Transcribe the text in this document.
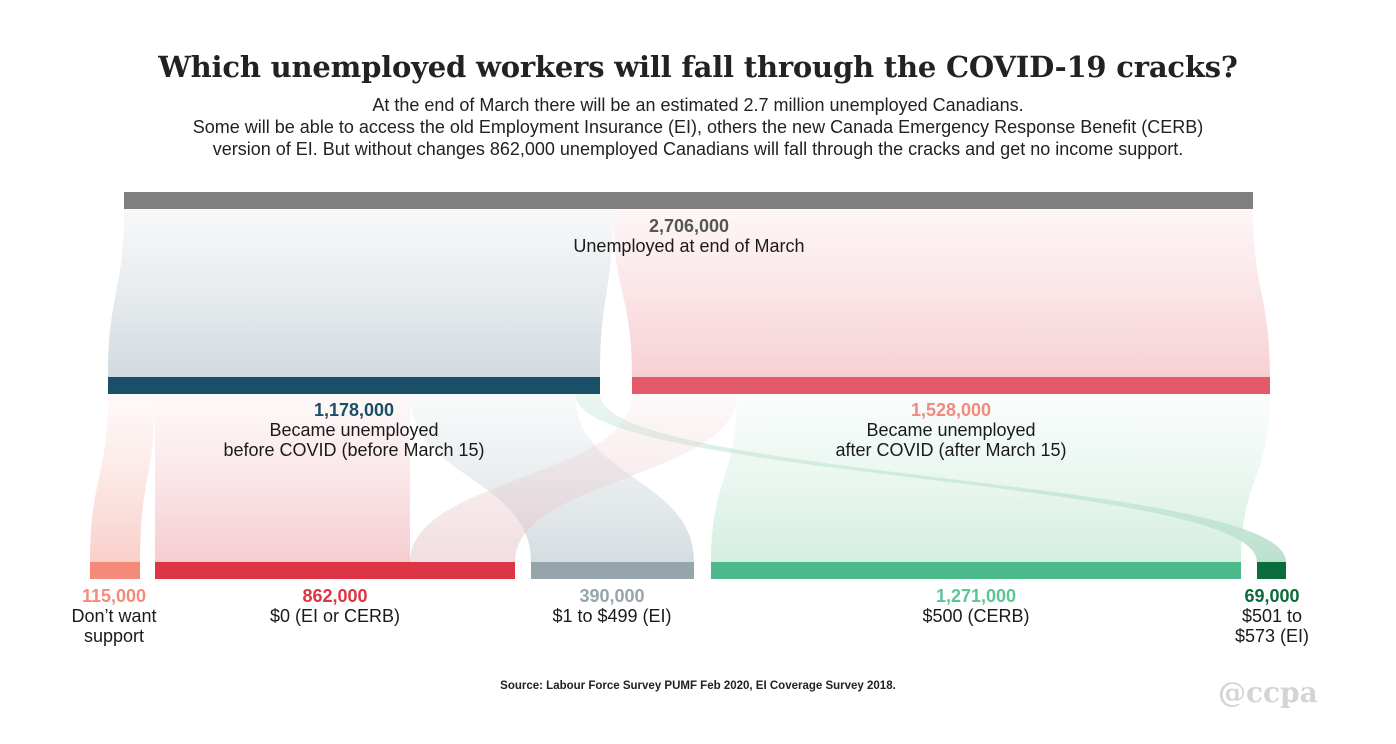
Which unemployed workers will fall through the COVID-19 cracks?
At the end of March there will be an estimated 2.7 million unemployed Canadians.
Some will be able to access the old Employment Insurance (EI), others the new Canada Emergency Response Benefit (CERB)
version of EI. But without changes 862,000 unemployed Canadians will fall through the cracks and get no income support.
2,706,000
Unemployed at end of March
1,178,000
Became unemployed
before COVID (before March 15)
1,528,000
Became unemployed
after COVID (after March 15)
115,000
Don’t want
support
862,000
$0 (EI or CERB)
390,000
$1 to $499 (EI)
1,271,000
$500 (CERB)
69,000
$501 to
$573 (EI)
Source: Labour Force Survey PUMF Feb 2020, EI Coverage Survey 2018.	@ccpa
